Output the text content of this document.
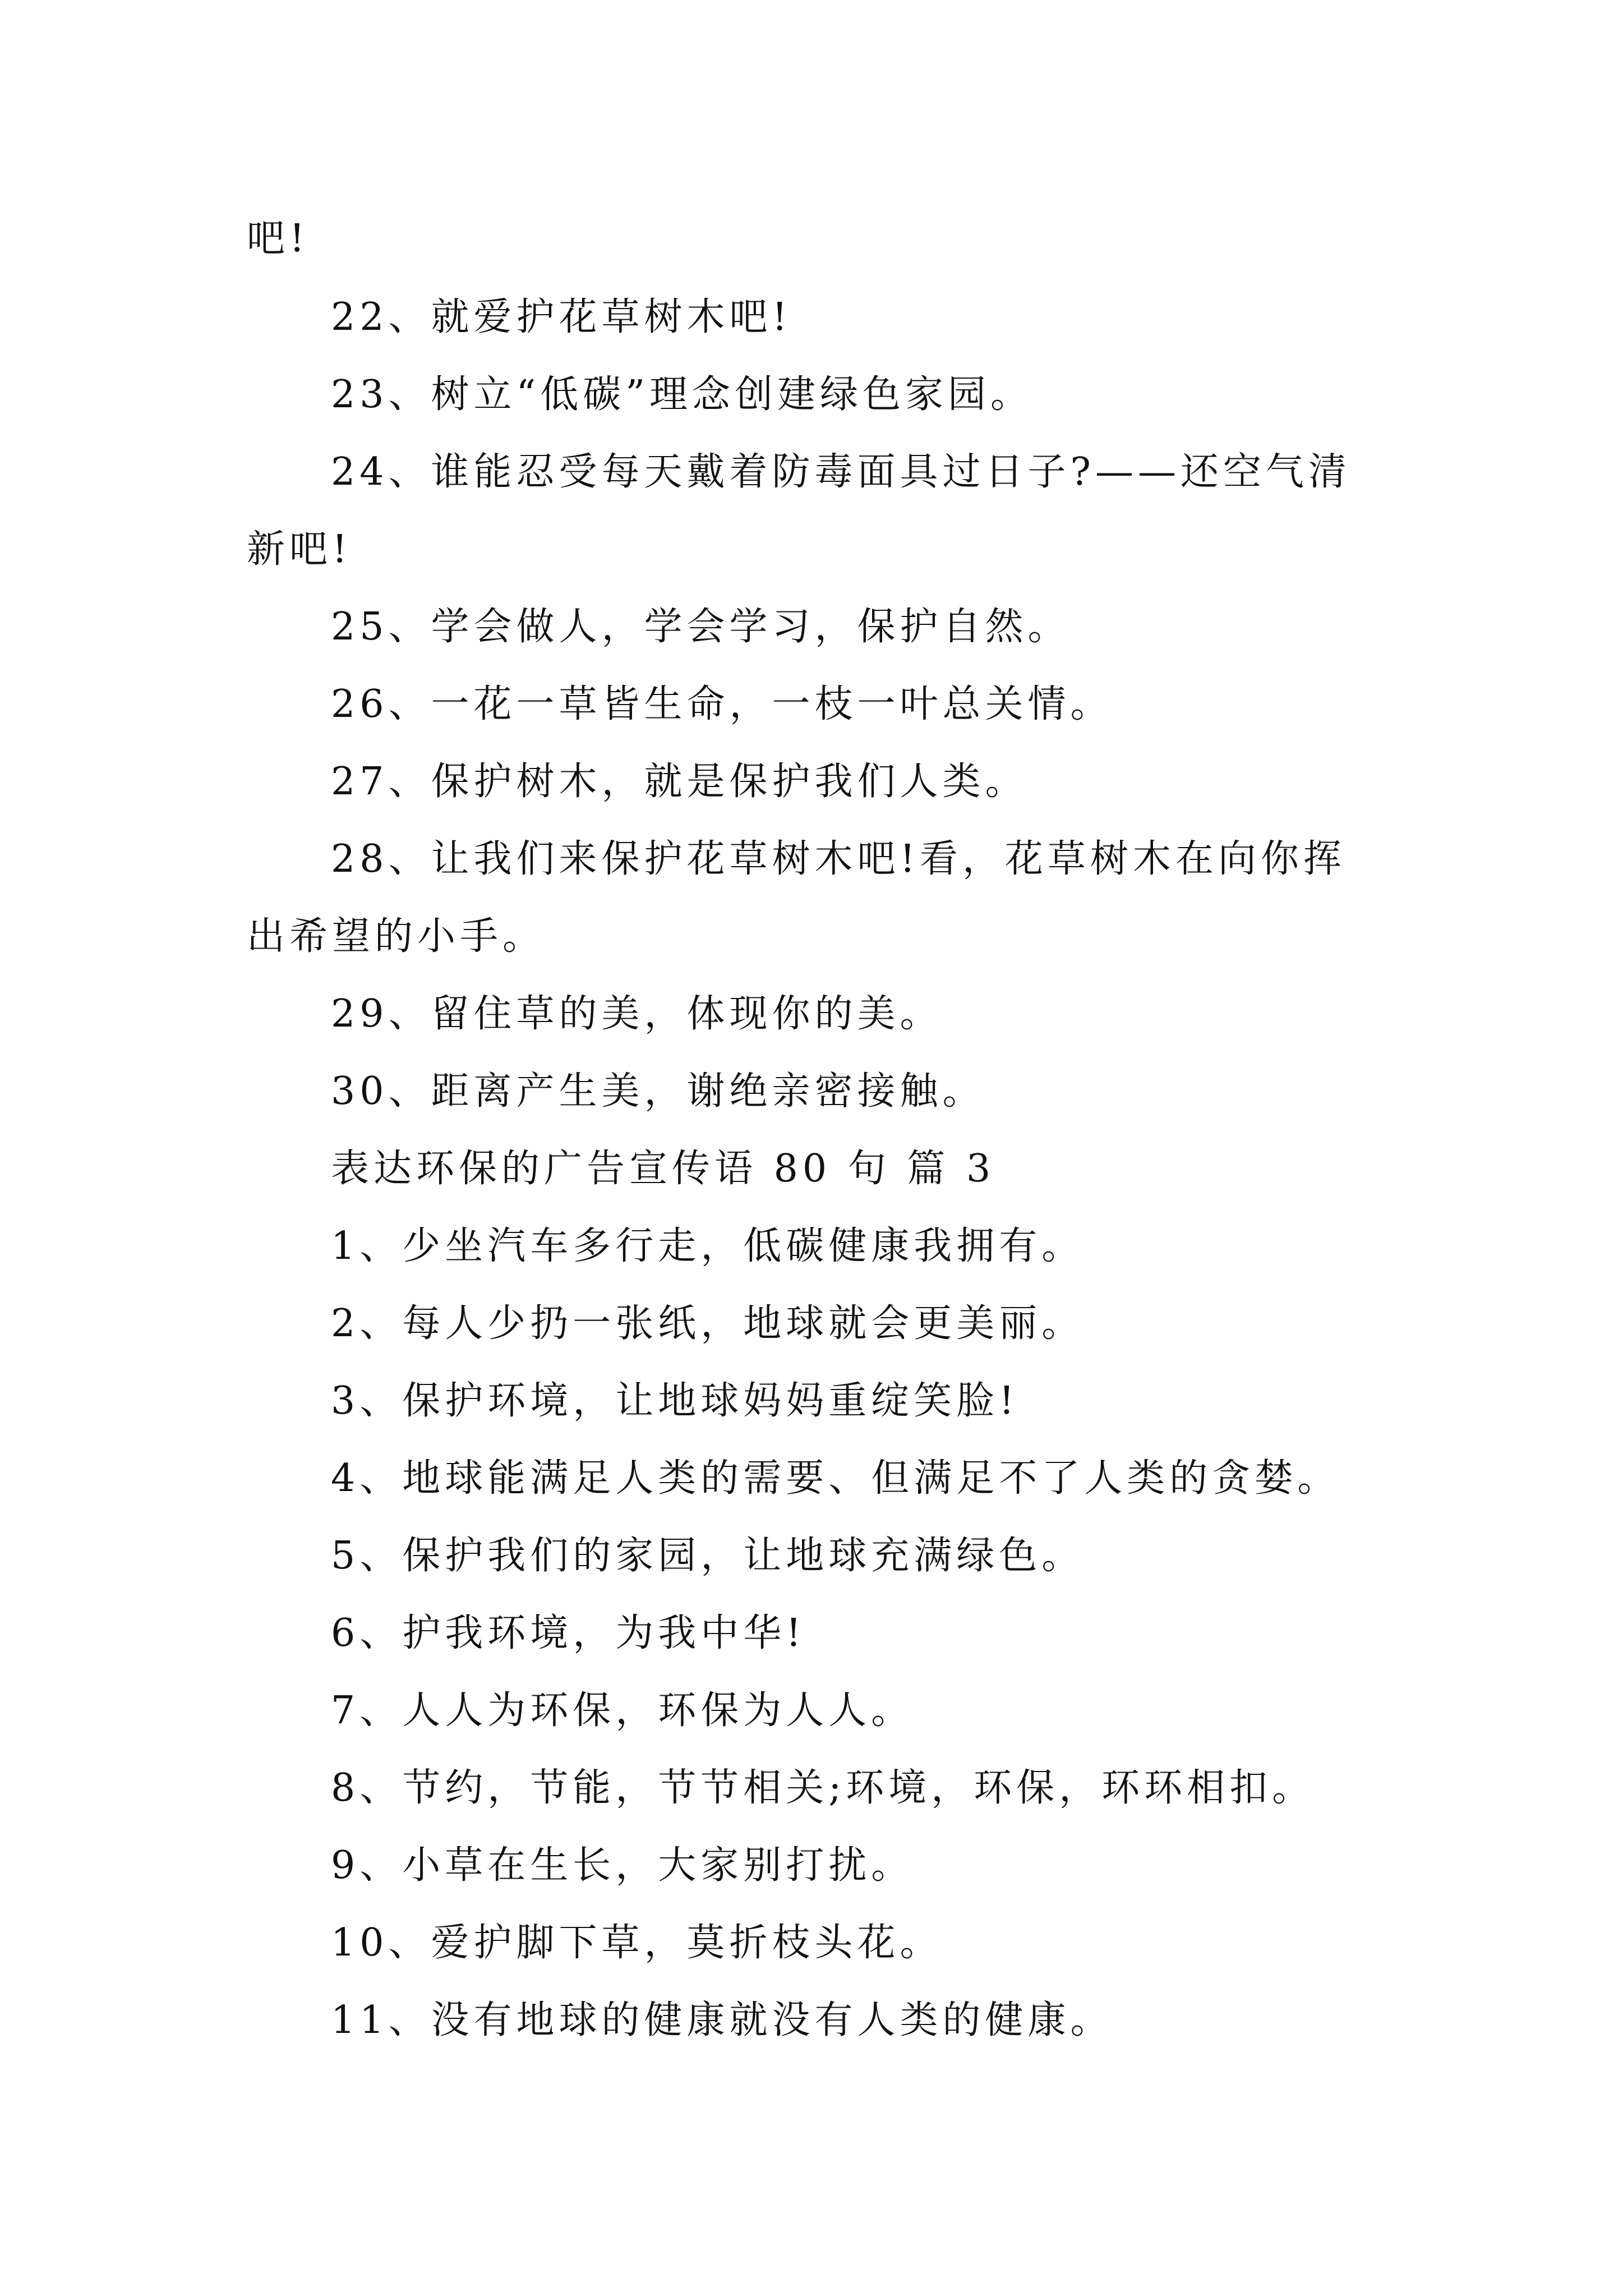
吧!
22、就爱护花草树木吧!
23、树立“低碳”理念创建绿色家园。
24、谁能忍受每天戴着防毒面具过日子?——还空气清
新吧!
25、学会做人，学会学习，保护自然。
26、一花一草皆生命，一枝一叶总关情。
27、保护树木，就是保护我们人类。
28、让我们来保护花草树木吧!看，花草树木在向你挥
出希望的小手。
29、留住草的美，体现你的美。
30、距离产生美，谢绝亲密接触。
表达环保的广告宣传语 80 句 篇 3
1、少坐汽车多行走，低碳健康我拥有。
2、每人少扔一张纸，地球就会更美丽。
3、保护环境，让地球妈妈重绽笑脸!
4、地球能满足人类的需要、但满足不了人类的贪婪。
5、保护我们的家园，让地球充满绿色。
6、护我环境，为我中华!
7、人人为环保，环保为人人。
8、节约，节能，节节相关;环境，环保，环环相扣。
9、小草在生长，大家别打扰。
10、爱护脚下草，莫折枝头花。
11、没有地球的健康就没有人类的健康。
